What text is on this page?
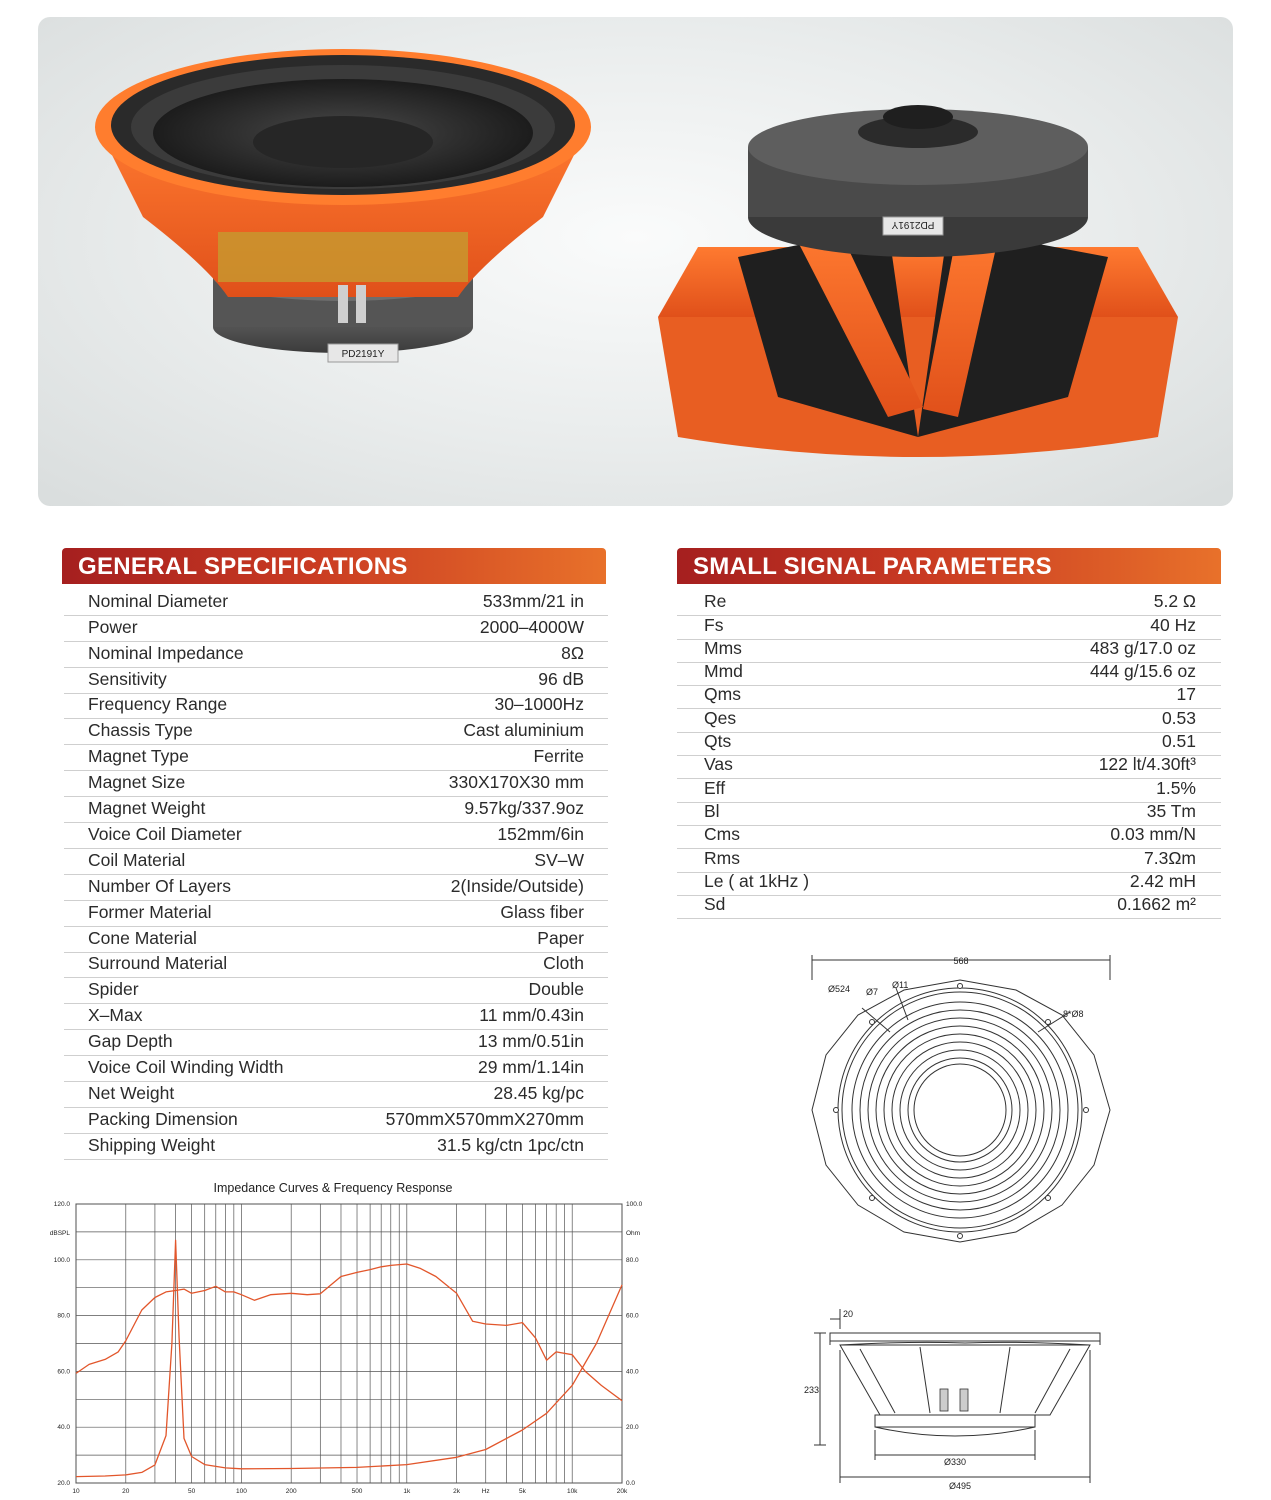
PD2191Y
PD2191Y
GENERAL SPECIFICATIONS
Nominal Diameter	533mm/21 in
Power	2000–4000W
Nominal Impedance	8Ω
Sensitivity	96 dB
Frequency Range	30–1000Hz
Chassis Type	Cast aluminium
Magnet Type	Ferrite
Magnet Size	330X170X30 mm
Magnet Weight	9.57kg/337.9oz
Voice Coil Diameter	152mm/6in
Coil Material	SV–W
Number Of Layers	2(Inside/Outside)
Former Material	Glass fiber
Cone Material	Paper
Surround Material	Cloth
Spider	Double
X–Max	11 mm/0.43in
Gap Depth	13 mm/0.51in
Voice Coil Winding Width	29 mm/1.14in
Net Weight	28.45 kg/pc
Packing Dimension	570mmX570mmX270mm
Shipping Weight	31.5 kg/ctn 1pc/ctn
SMALL SIGNAL PARAMETERS
Re	5.2 Ω
Fs	40 Hz
Mms	483 g/17.0 oz
Mmd	444 g/15.6 oz
Qms	17
Qes	0.53
Qts	0.51
Vas	122 lt/4.30ft³
Eff	1.5%
Bl	35 Tm
Cms	0.03 mm/N
Rms	7.3Ωm
Le ( at 1kHz )	2.42 mH
Sd	0.1662 m²
Impedance Curves & Frequency Response
10	20	50	100	200	500	1k	2k	Hz	5k	10k	20k
20.0
40.0
60.0
80.0
100.0
120.0
0.0
20.0
40.0
60.0
80.0
100.0
dBSPL	Ohm
568
Ø524 Ø7
Ø11
8*Ø8
20
233
Ø330
Ø495
